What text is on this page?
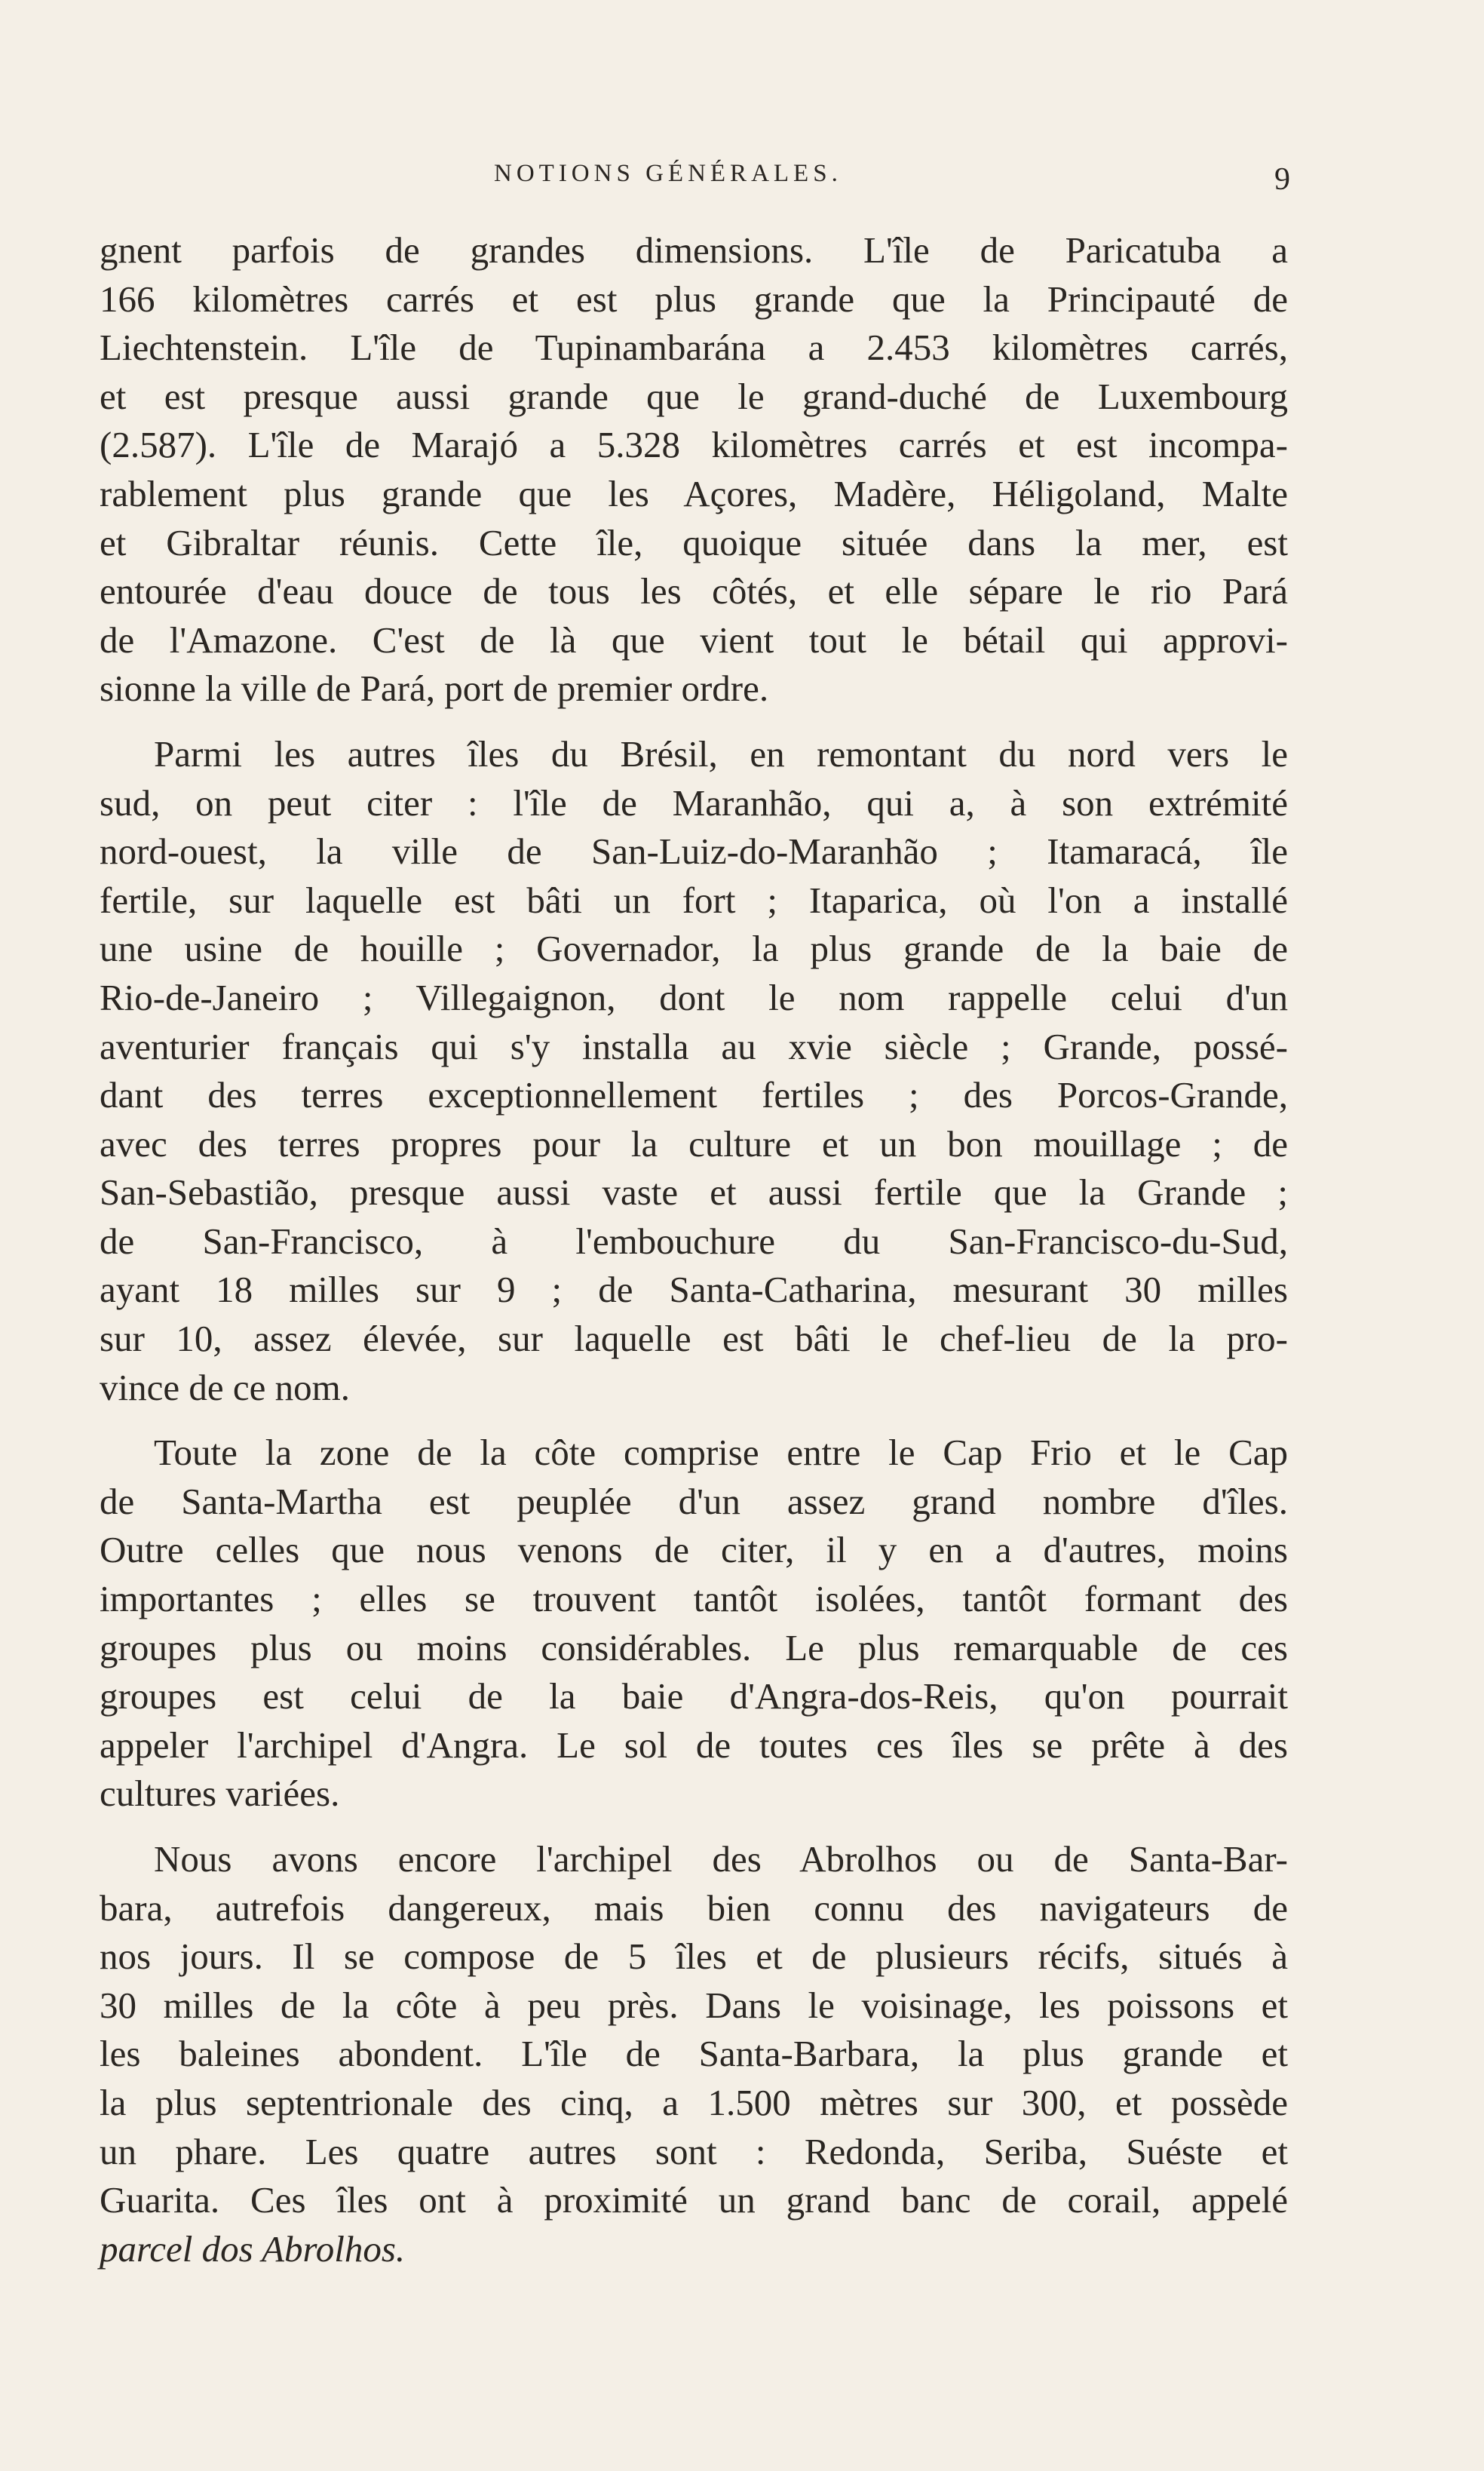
NOTIONS GÉNÉRALES.	9
gnent parfois de grandes dimensions. L'île de Paricatuba a
166 kilomètres carrés et est plus grande que la Principauté de
Liechtenstein. L'île de Tupinambarána a 2.453 kilomètres carrés,
et est presque aussi grande que le grand-duché de Luxembourg
(2.587). L'île de Marajó a 5.328 kilomètres carrés et est incompa-
rablement plus grande que les Açores, Madère, Héligoland, Malte
et Gibraltar réunis. Cette île, quoique située dans la mer, est
entourée d'eau douce de tous les côtés, et elle sépare le rio Pará
de l'Amazone. C'est de là que vient tout le bétail qui approvi-
sionne la ville de Pará, port de premier ordre.
Parmi les autres îles du Brésil, en remontant du nord vers le
sud, on peut citer : l'île de Maranhão, qui a, à son extrémité
nord-ouest, la ville de San-Luiz-do-Maranhão ; Itamaracá, île
fertile, sur laquelle est bâti un fort ; Itaparica, où l'on a installé
une usine de houille ; Governador, la plus grande de la baie de
Rio-de-Janeiro ; Villegaignon, dont le nom rappelle celui d'un
aventurier français qui s'y installa au xvie siècle ; Grande, possé-
dant des terres exceptionnellement fertiles ; des Porcos-Grande,
avec des terres propres pour la culture et un bon mouillage ; de
San-Sebastião, presque aussi vaste et aussi fertile que la Grande ;
de San-Francisco, à l'embouchure du San-Francisco-du-Sud,
ayant 18 milles sur 9 ; de Santa-Catharina, mesurant 30 milles
sur 10, assez élevée, sur laquelle est bâti le chef-lieu de la pro-
vince de ce nom.
Toute la zone de la côte comprise entre le Cap Frio et le Cap
de Santa-Martha est peuplée d'un assez grand nombre d'îles.
Outre celles que nous venons de citer, il y en a d'autres, moins
importantes ; elles se trouvent tantôt isolées, tantôt formant des
groupes plus ou moins considérables. Le plus remarquable de ces
groupes est celui de la baie d'Angra-dos-Reis, qu'on pourrait
appeler l'archipel d'Angra. Le sol de toutes ces îles se prête à des
cultures variées.
Nous avons encore l'archipel des Abrolhos ou de Santa-Bar-
bara, autrefois dangereux, mais bien connu des navigateurs de
nos jours. Il se compose de 5 îles et de plusieurs récifs, situés à
30 milles de la côte à peu près. Dans le voisinage, les poissons et
les baleines abondent. L'île de Santa-Barbara, la plus grande et
la plus septentrionale des cinq, a 1.500 mètres sur 300, et possède
un phare. Les quatre autres sont : Redonda, Seriba, Suéste et
Guarita. Ces îles ont à proximité un grand banc de corail, appelé
parcel dos Abrolhos.
